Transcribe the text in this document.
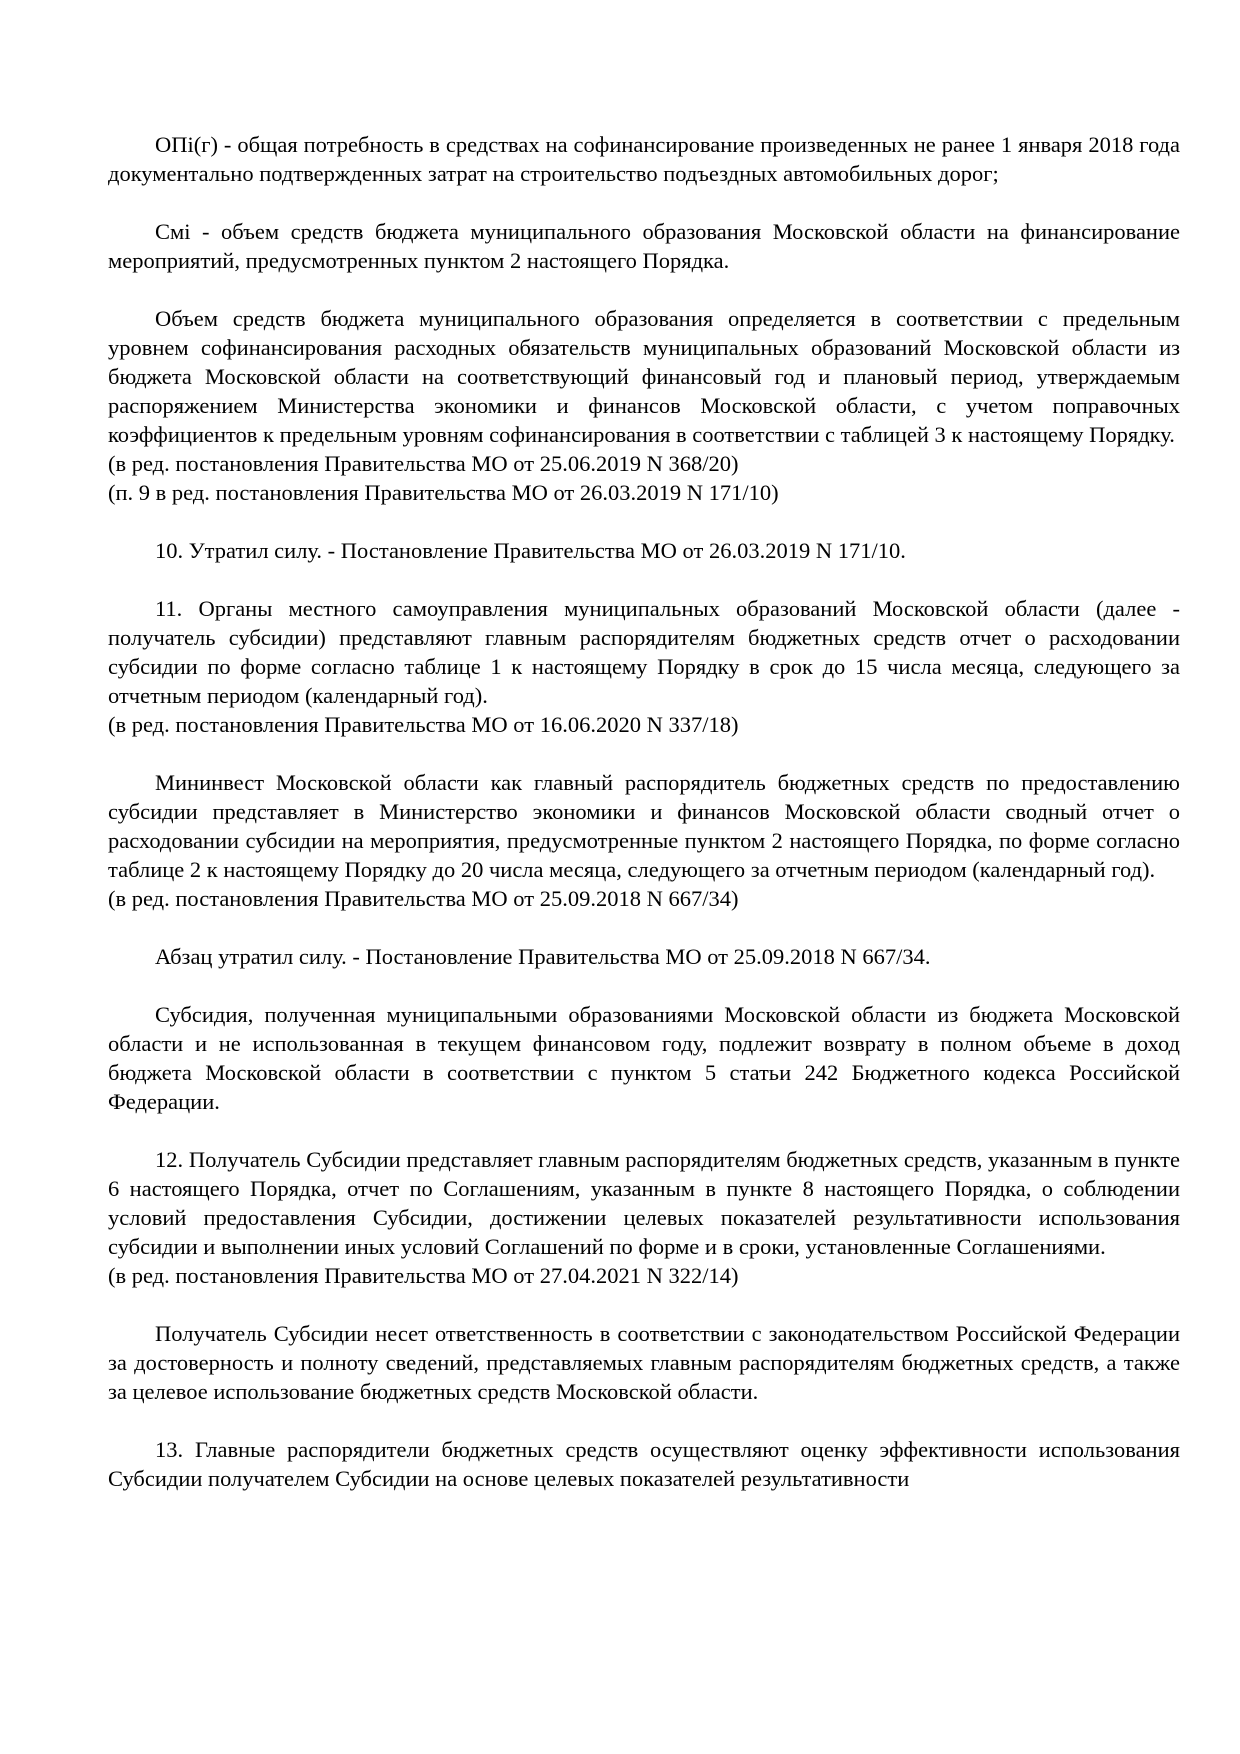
ОПi(г) - общая потребность в средствах на софинансирование произведенных не ранее 1 января 2018 года документально подтвержденных затрат на строительство подъездных автомобильных дорог;

Смi - объем средств бюджета муниципального образования Московской области на финансирование мероприятий, предусмотренных пунктом 2 настоящего Порядка.

Объем средств бюджета муниципального образования определяется в соответствии с предельным уровнем софинансирования расходных обязательств муниципальных образований Московской области из бюджета Московской области на соответствующий финансовый год и плановый период, утверждаемым распоряжением Министерства экономики и финансов Московской области, с учетом поправочных коэффициентов к предельным уровням софинансирования в соответствии с таблицей 3 к настоящему Порядку.

(в ред. постановления Правительства МО от 25.06.2019 N 368/20)

(п. 9 в ред. постановления Правительства МО от 26.03.2019 N 171/10)

10. Утратил силу. - Постановление Правительства МО от 26.03.2019 N 171/10.

11. Органы местного самоуправления муниципальных образований Московской области (далее - получатель субсидии) представляют главным распорядителям бюджетных средств отчет о расходовании субсидии по форме согласно таблице 1 к настоящему Порядку в срок до 15 числа месяца, следующего за отчетным периодом (календарный год).

(в ред. постановления Правительства МО от 16.06.2020 N 337/18)

Мининвест Московской области как главный распорядитель бюджетных средств по предоставлению субсидии представляет в Министерство экономики и финансов Московской области сводный отчет о расходовании субсидии на мероприятия, предусмотренные пунктом 2 настоящего Порядка, по форме согласно таблице 2 к настоящему Порядку до 20 числа месяца, следующего за отчетным периодом (календарный год).

(в ред. постановления Правительства МО от 25.09.2018 N 667/34)

Абзац утратил силу. - Постановление Правительства МО от 25.09.2018 N 667/34.

Субсидия, полученная муниципальными образованиями Московской области из бюджета Московской области и не использованная в текущем финансовом году, подлежит возврату в полном объеме в доход бюджета Московской области в соответствии с пунктом 5 статьи 242 Бюджетного кодекса Российской Федерации.

12. Получатель Субсидии представляет главным распорядителям бюджетных средств, указанным в пункте 6 настоящего Порядка, отчет по Соглашениям, указанным в пункте 8 настоящего Порядка, о соблюдении условий предоставления Субсидии, достижении целевых показателей результативности использования субсидии и выполнении иных условий Соглашений по форме и в сроки, установленные Соглашениями.

(в ред. постановления Правительства МО от 27.04.2021 N 322/14)

Получатель Субсидии несет ответственность в соответствии с законодательством Российской Федерации за достоверность и полноту сведений, представляемых главным распорядителям бюджетных средств, а также за целевое использование бюджетных средств Московской области.

13. Главные распорядители бюджетных средств осуществляют оценку эффективности использования Субсидии получателем Субсидии на основе целевых показателей результативности
